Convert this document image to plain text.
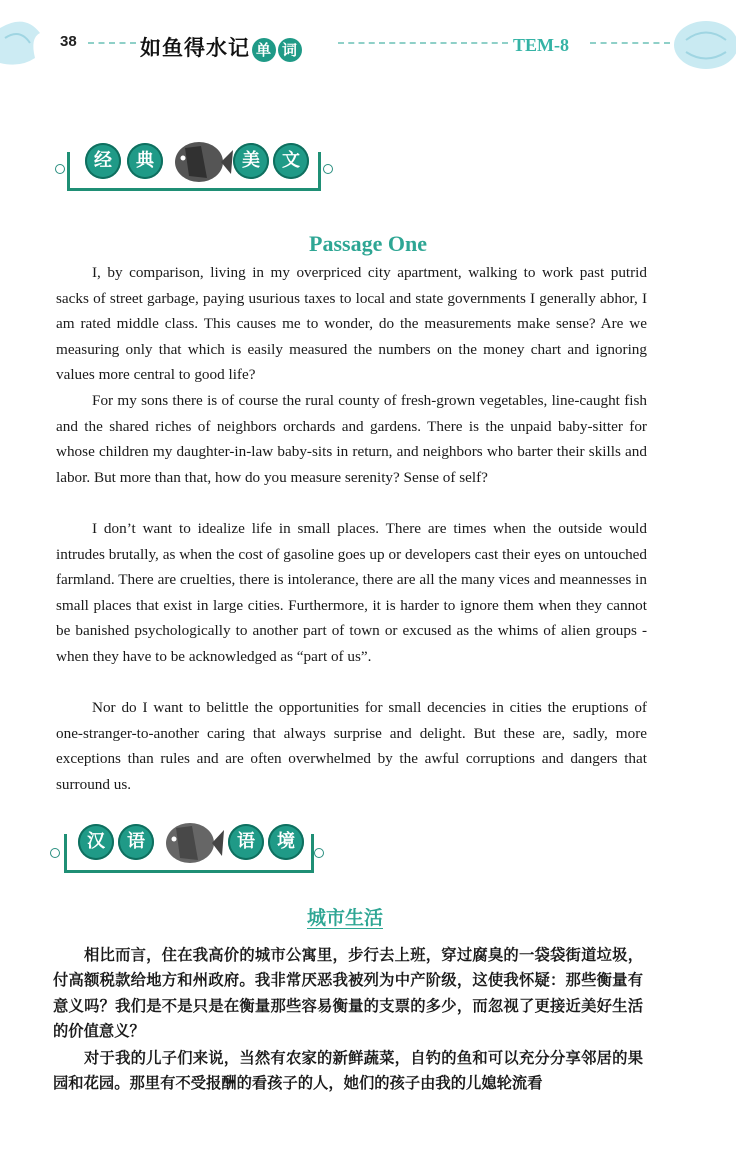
38	如鱼得水记 单 词	TEM-8
经	典	美	文
Passage One

I, by comparison, living in my overpriced city apartment, walking to work past putrid sacks of street garbage, paying usurious taxes to local and state governments I generally abhor, I am rated middle class. This causes me to wonder, do the measurements make sense? Are we measuring only that which is easily measured the numbers on the money chart and ignoring values more central to good life?

For my sons there is of course the rural county of fresh-grown vegetables, line-caught fish and the shared riches of neighbors orchards and gardens. There is the unpaid baby-sitter for whose children my daughter-in-law baby-sits in return, and neighbors who barter their skills and labor. But more than that, how do you measure serenity? Sense of self?

I don’t want to idealize life in small places. There are times when the outside would intrudes brutally, as when the cost of gasoline goes up or developers cast their eyes on untouched farmland. There are cruelties, there is intolerance, there are all the many vices and meannesses in small places that exist in large cities. Furthermore, it is harder to ignore them when they cannot be banished psychologically to another part of town or excused as the whims of alien groups - when they have to be acknowledged as “part of us”.

Nor do I want to belittle the opportunities for small decencies in cities the eruptions of one-stranger-to-another caring that always surprise and delight. But these are, sadly, more exceptions than rules and are often overwhelmed by the awful corruptions and dangers that surround us.

汉	语	语	境
城市生活

相比而言，住在我高价的城市公寓里，步行去上班，穿过腐臭的一袋袋街道垃圾，付高额税款给地方和州政府。我非常厌恶我被列为中产阶级，这使我怀疑：那些衡量有意义吗？我们是不是只是在衡量那些容易衡量的支票的多少，而忽视了更接近美好生活的价值意义？

对于我的儿子们来说，当然有农家的新鲜蔬菜，自钓的鱼和可以充分分享邻居的果园和花园。那里有不受报酬的看孩子的人，她们的孩子由我的儿媳轮流看
